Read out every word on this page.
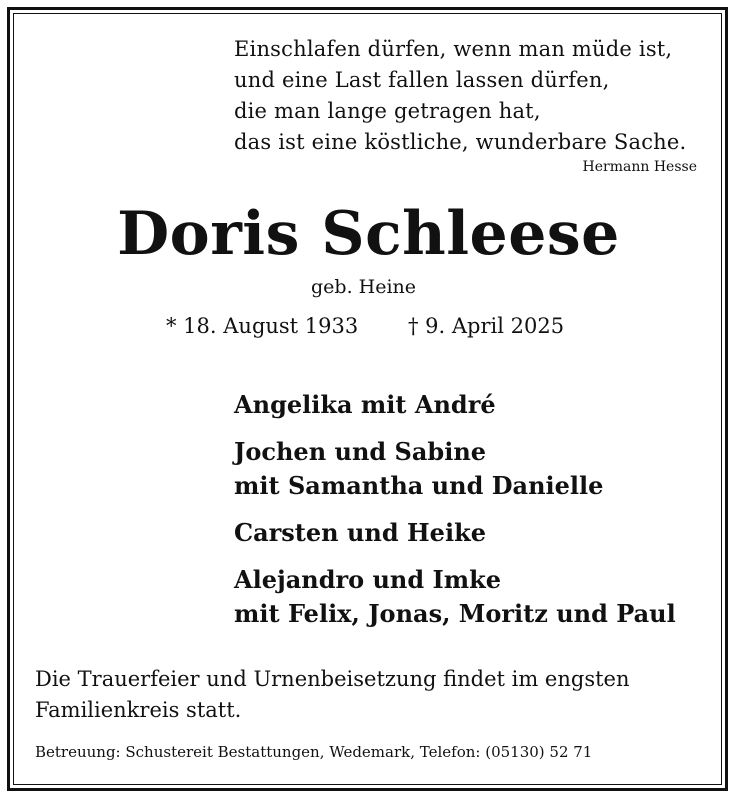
Einschlafen dürfen, wenn man müde ist,
und eine Last fallen lassen dürfen,
die man lange getragen hat,
das ist eine köstliche, wunderbare Sache.
Hermann Hesse
Doris Schleese
geb. Heine
* 18. August 1933 † 9. April 2025
Angelika mit André
Jochen und Sabine
mit Samantha und Danielle
Carsten und Heike
Alejandro und Imke
mit Felix, Jonas, Moritz und Paul
Die Trauerfeier und Urnenbeisetzung findet im engsten Familienkreis statt.
Betreuung: Schustereit Bestattungen, Wedemark, Telefon: (05130) 52 71
